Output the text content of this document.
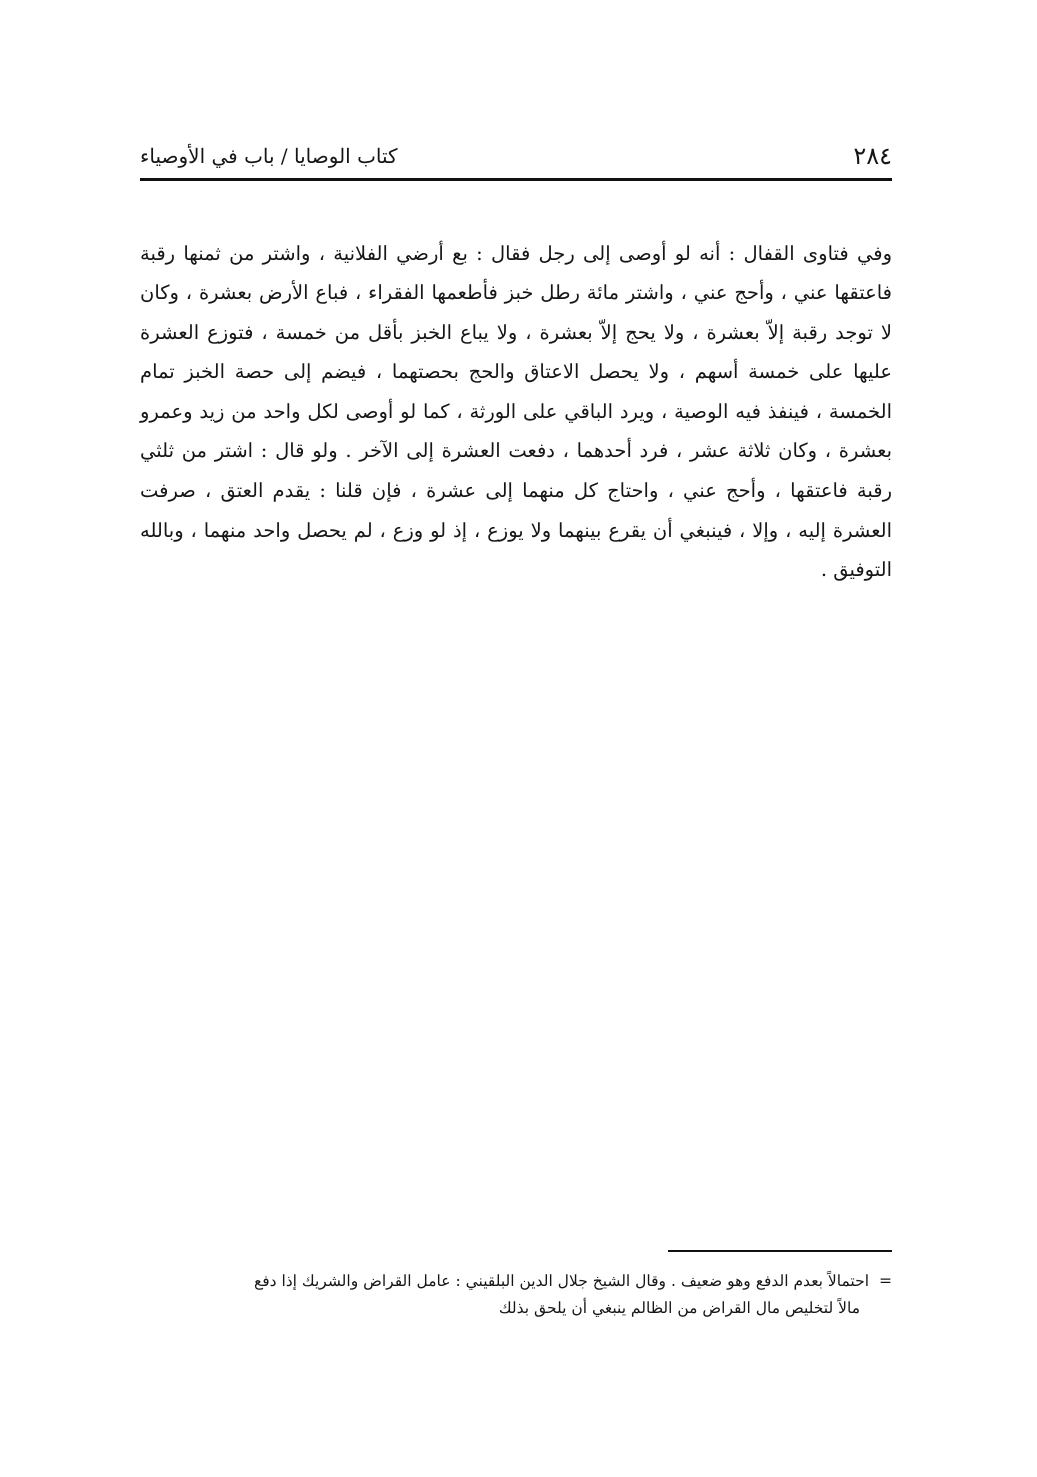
٢٨٤
كتاب الوصايا / باب في الأوصياء

وفي فتاوى القفال : أنه لو أوصى إلى رجل فقال : بع أرضي الفلانية ، واشتر من ثمنها رقبة فاعتقها عني ، وأحج عني ، واشتر مائة رطل خبز فأطعمها الفقراء ، فباع الأرض بعشرة ، وكان لا توجد رقبة إلاّ بعشرة ، ولا يحج إلاّ بعشرة ، ولا يباع الخبز بأقل من خمسة ، فتوزع العشرة عليها على خمسة أسهم ، ولا يحصل الاعتاق والحج بحصتهما ، فيضم إلى حصة الخبز تمام الخمسة ، فينفذ فيه الوصية ، ويرد الباقي على الورثة ، كما لو أوصى لكل واحد من زيد وعمرو بعشرة ، وكان ثلاثة عشر ، فرد أحدهما ، دفعت العشرة إلى الآخر . ولو قال : اشتر من ثلثي رقبة فاعتقها ، وأحج عني ، واحتاج كل منهما إلى عشرة ، فإن قلنا : يقدم العتق ، صرفت العشرة إليه ، وإلا ، فينبغي أن يقرع بينهما ولا يوزع ، إذ لو وزع ، لم يحصل واحد منهما ، وبالله التوفيق .

=احتمالاً بعدم الدفع وهو ضعيف . وقال الشيخ جلال الدين البلقيني : عامل القراض والشريك إذا دفع
مالاً لتخليص مال القراض من الظالم ينبغي أن يلحق بذلك
